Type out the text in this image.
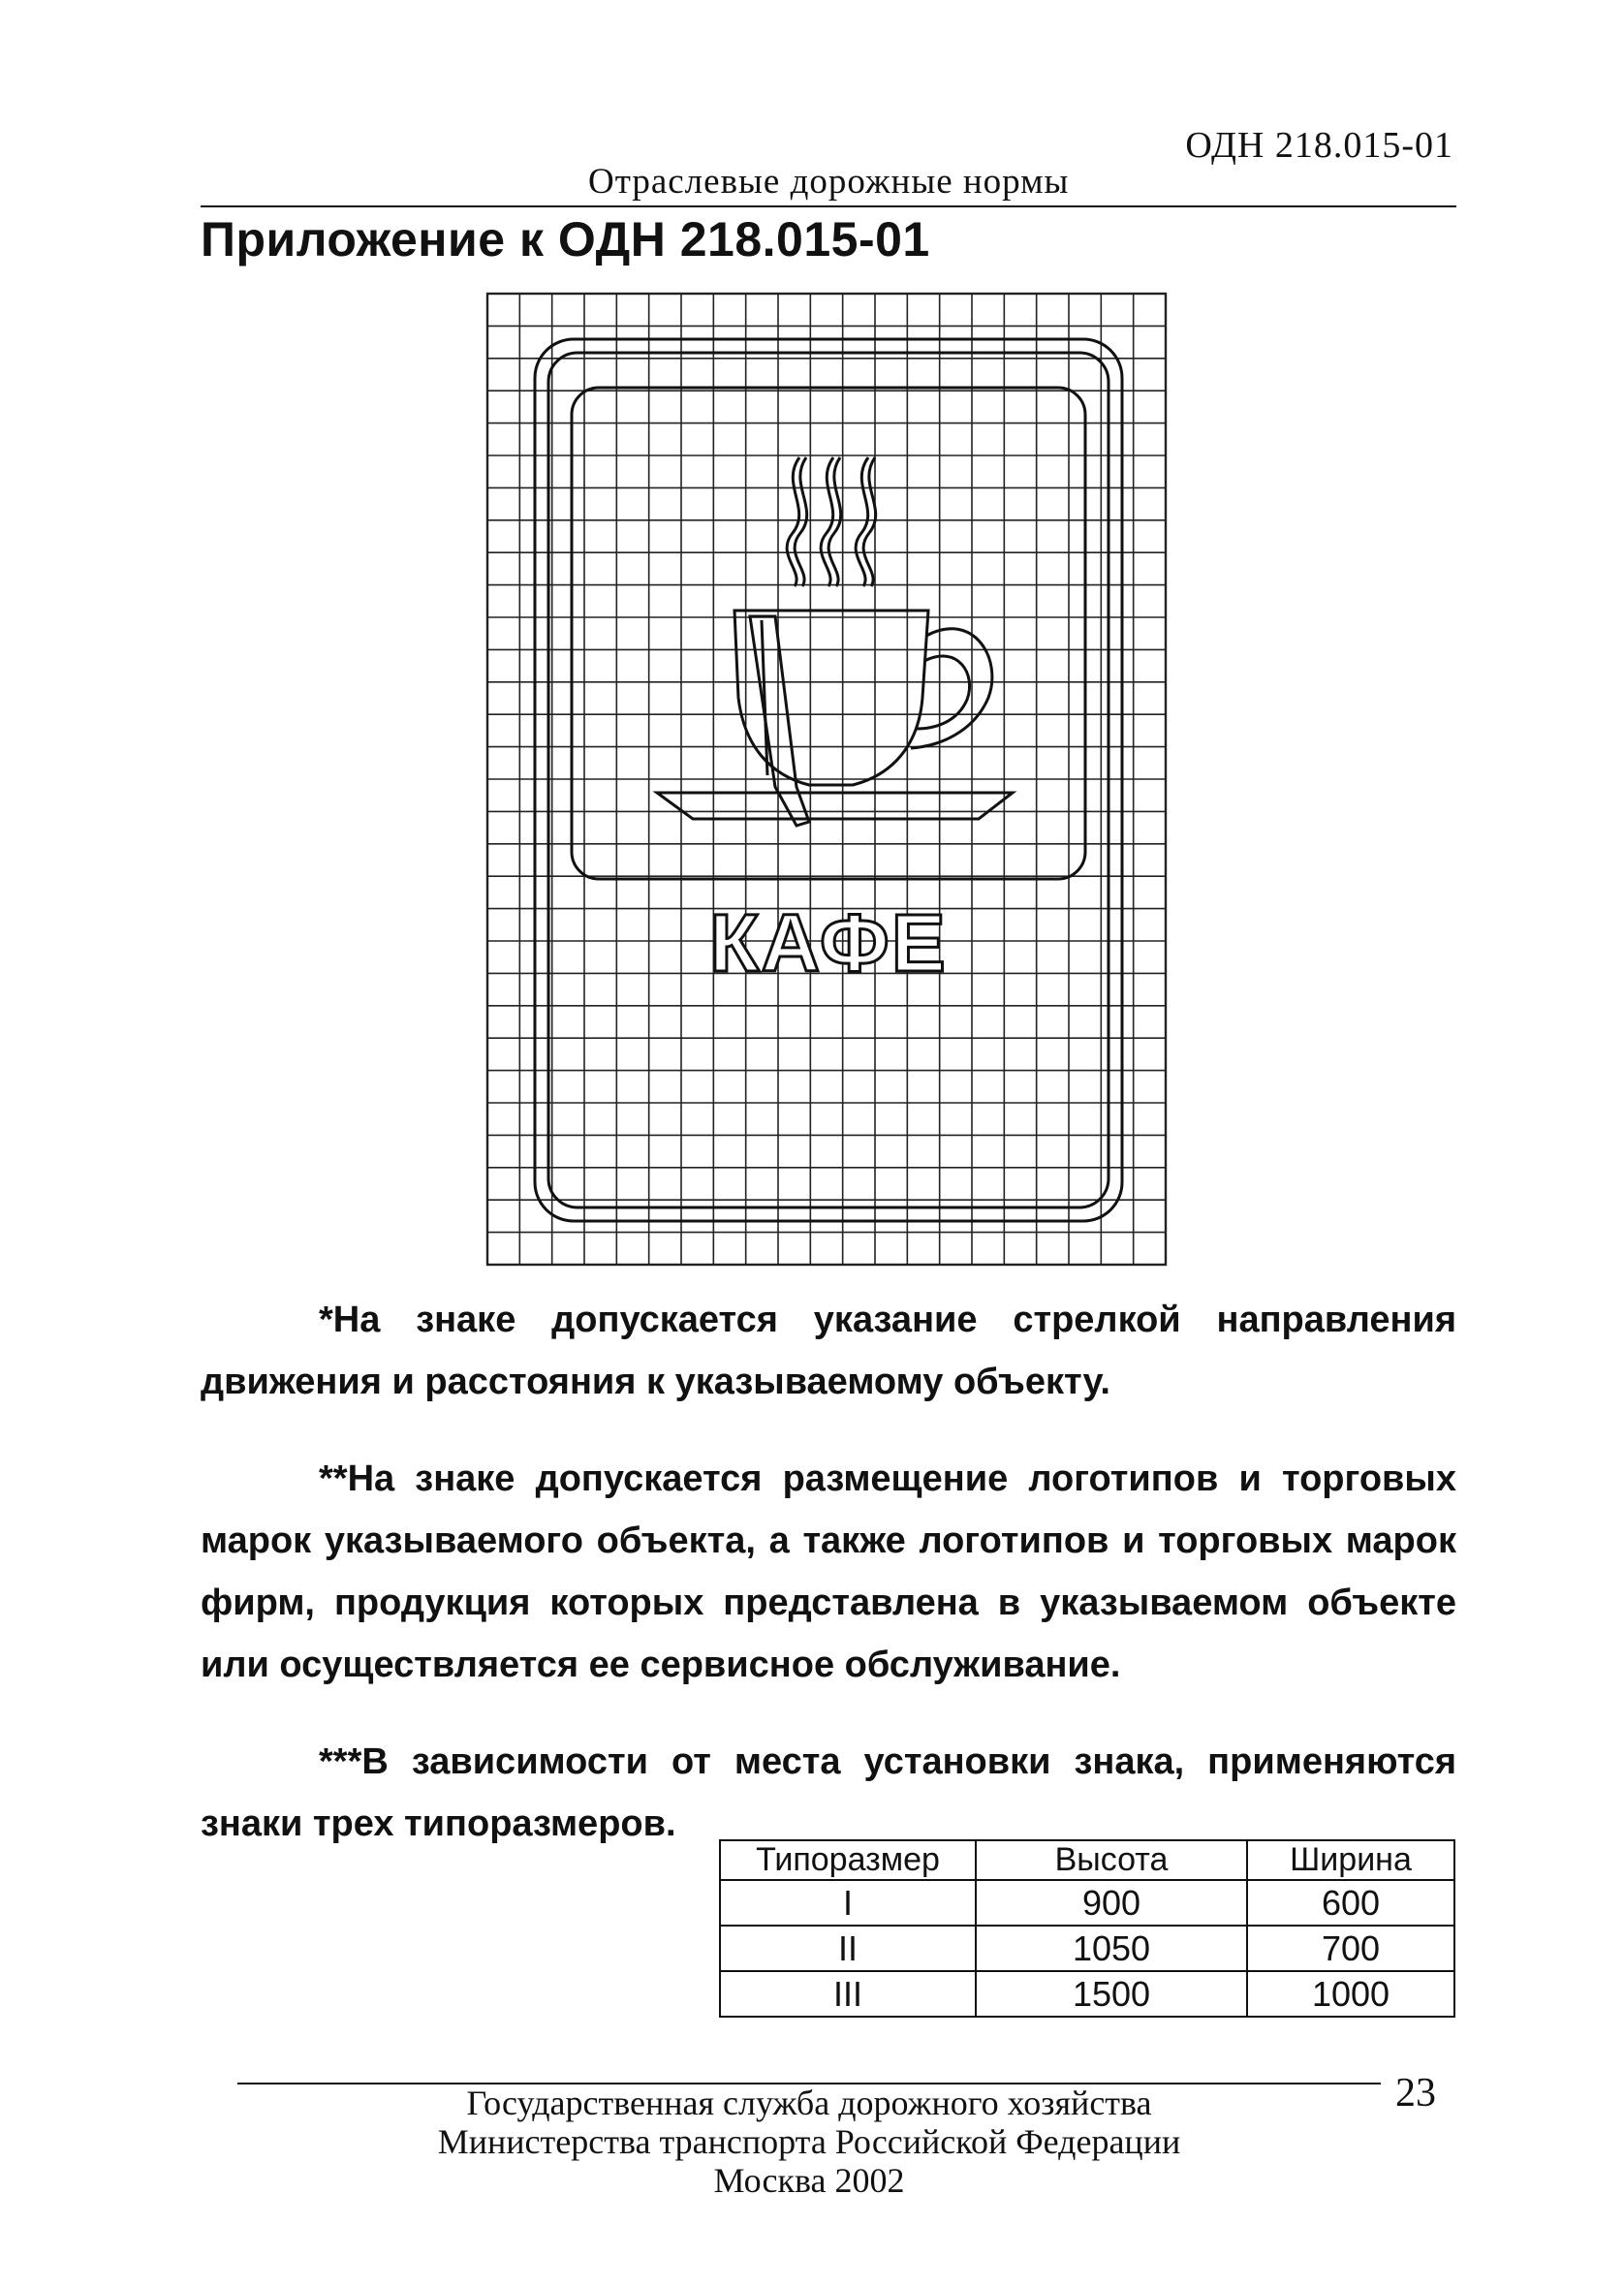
ОДН 218.015-01
Отраслевые дорожные нормы
Приложение к ОДН 218.015-01
КАФЕ

*На знаке допускается указание стрелкой направления
движения и расстояния к указываемому объекту.

**На знаке допускается размещение логотипов и торговых
марок указываемого объекта, а также логотипов и торговых марок
фирм, продукция которых представлена в указываемом объекте
или осуществляется ее сервисное обслуживание.

***В зависимости от места установки знака, применяются
знаки трех типоразмеров.

Типоразмер	Высота	Ширина
I	900	600
II	1050	700
III	1500	1000
Государственная служба дорожного хозяйства
Министерства транспорта Российской Федерации
Москва 2002
23
